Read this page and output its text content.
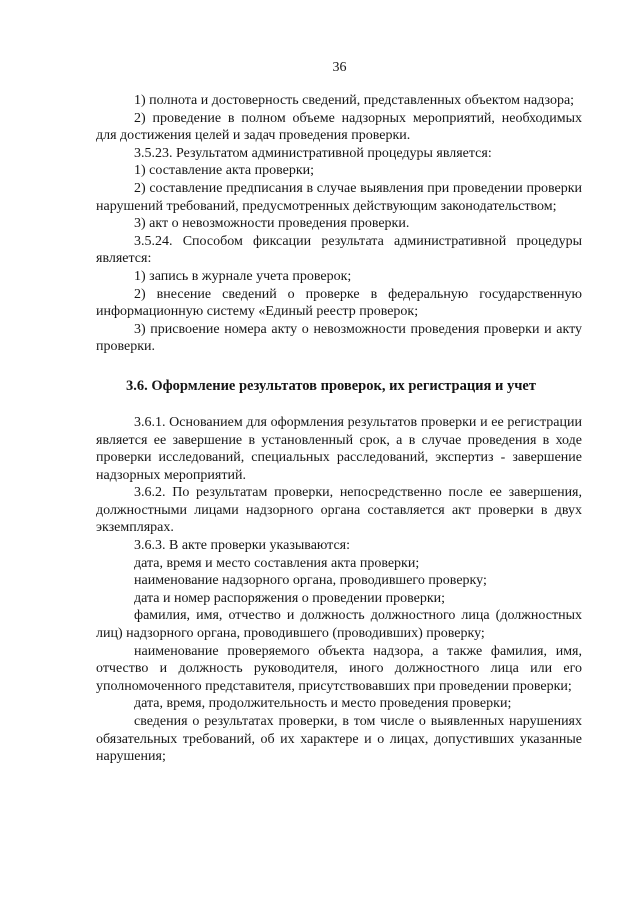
36

1) полнота и достоверность сведений, представленных объектом надзора;

2) проведение в полном объеме надзорных мероприятий, необходимых для достижения целей и задач проведения проверки.

3.5.23. Результатом административной процедуры является:

1) составление акта проверки;

2) составление предписания в случае выявления при проведении проверки нарушений требований, предусмотренных действующим законодательством;

3) акт о невозможности проведения проверки.

3.5.24. Способом фиксации результата административной процедуры является:

1) запись в журнале учета проверок;

2) внесение сведений о проверке в федеральную государственную информационную систему «Единый реестр проверок;

3) присвоение номера акту о невозможности проведения проверки и акту проверки.

3.6. Оформление результатов проверок, их регистрация и учет

3.6.1. Основанием для оформления результатов проверки и ее регистрации является ее завершение в установленный срок, а в случае проведения в ходе проверки исследований, специальных расследований, экспертиз - завершение надзорных мероприятий.

3.6.2. По результатам проверки, непосредственно после ее завершения, должностными лицами надзорного органа составляется акт проверки в двух экземплярах.

3.6.3. В акте проверки указываются:

дата, время и место составления акта проверки;

наименование надзорного органа, проводившего проверку;

дата и номер распоряжения о проведении проверки;

фамилия, имя, отчество и должность должностного лица (должностных лиц) надзорного органа, проводившего (проводивших) проверку;

наименование проверяемого объекта надзора, а также фамилия, имя, отчество и должность руководителя, иного должностного лица или его уполномоченного представителя, присутствовавших при проведении проверки;

дата, время, продолжительность и место проведения проверки;

сведения о результатах проверки, в том числе о выявленных нарушениях обязательных требований, об их характере и о лицах, допустивших указанные нарушения;
